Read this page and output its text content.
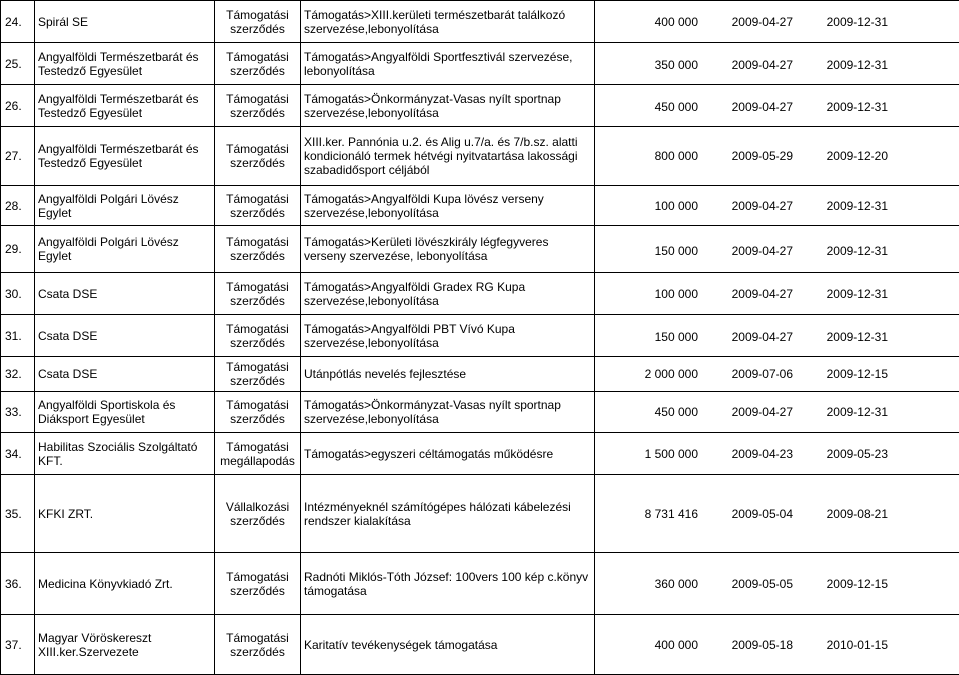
24.	Spirál SE	Támogatási szerződés	Támogatás>XIII.kerületi természetbarát találkozó szervezése,lebonyolítása	400 000 2009-04-27 2009-12-31
25.	Angyalföldi Természetbarát és Testedző Egyesület	Támogatási szerződés	Támogatás>Angyalföldi Sportfesztivál szervezése, lebonyolítása	350 000 2009-04-27 2009-12-31
26.	Angyalföldi Természetbarát és Testedző Egyesület	Támogatási szerződés	Támogatás>Önkormányzat-Vasas nyílt sportnap szervezése,lebonyolítása	450 000 2009-04-27 2009-12-31
27.	Angyalföldi Természetbarát és Testedző Egyesület	Támogatási szerződés	XIII.ker. Pannónia u.2. és Alig u.7/a. és 7/b.sz. alatti kondicionáló termek hétvégi nyitvatartása lakossági szabadidősport céljából	800 000 2009-05-29 2009-12-20
28.	Angyalföldi Polgári Lövész Egylet	Támogatási szerződés	Támogatás>Angyalföldi Kupa lövész verseny szervezése,lebonyolítása	100 000 2009-04-27 2009-12-31
29.	Angyalföldi Polgári Lövész Egylet	Támogatási szerződés	Támogatás>Kerületi lövészkirály légfegyveres verseny szervezése, lebonyolítása	150 000 2009-04-27 2009-12-31
30.	Csata DSE	Támogatási szerződés	Támogatás>Angyalföldi Gradex RG Kupa szervezése,lebonyolítása	100 000 2009-04-27 2009-12-31
31.	Csata DSE	Támogatási szerződés	Támogatás>Angyalföldi PBT Vívó Kupa szervezése,lebonyolítása	150 000 2009-04-27 2009-12-31
32.	Csata DSE	Támogatási szerződés	Utánpótlás nevelés fejlesztése	2 000 000 2009-07-06 2009-12-15
33.	Angyalföldi Sportiskola és Diáksport Egyesület	Támogatási szerződés	Támogatás>Önkormányzat-Vasas nyílt sportnap szervezése,lebonyolítása	450 000 2009-04-27 2009-12-31
34.	Habilitas Szociális Szolgáltató KFT.	Támogatási megállapodás	Támogatás>egyszeri céltámogatás működésre	1 500 000 2009-04-23 2009-05-23
35.	KFKI ZRT.	Vállalkozási szerződés	Intézményeknél számítógépes hálózati kábelezési rendszer kialakítása	8 731 416 2009-05-04 2009-08-21
36.	Medicina Könyvkiadó Zrt.	Támogatási szerződés	Radnóti Miklós-Tóth József: 100vers 100 kép c.könyv támogatása	360 000 2009-05-05 2009-12-15
37.	Magyar Vöröskereszt XIII.ker.Szervezete	Támogatási szerződés	Karitatív tevékenységek támogatása	400 000 2009-05-18 2010-01-15
